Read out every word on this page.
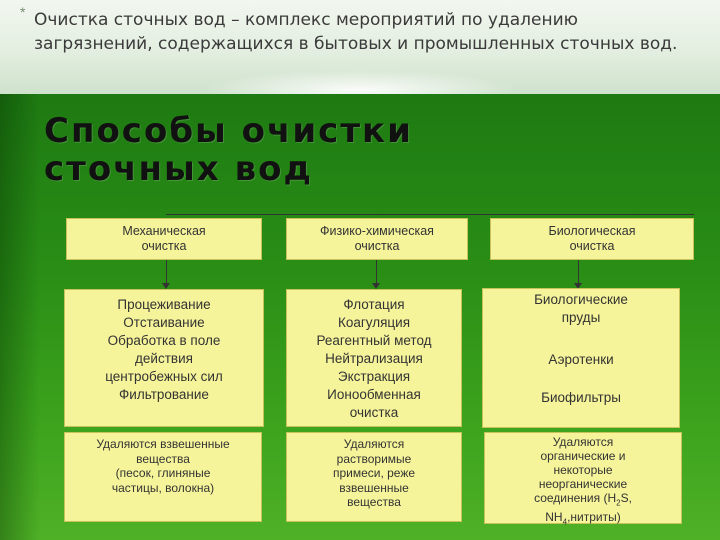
* Очистка сточных вод – комплекс мероприятий по удалению загрязнений, содержащихся в бытовых и промышленных сточных вод.

Способы очистки
сточных вод
Механическая
очистка
Процеживание
Отстаивание
Обработка в поле
действия
центробежных сил
Фильтрование
Удаляются взвешенные
вещества
(песок, глиняные
частицы, волокна)
Физико-химическая
очистка
Флотация
Коагуляция
Реагентный метод
Нейтрализация
Экстракция
Ионообменная
очистка
Удаляются
растворимые
примеси, реже
взвешенные
вещества
Биологическая
очистка
Биологические
пруды
Аэротенки
Биофильтры
Удаляются
органические и
некоторые
неорганические
соединения ($H_2S$,
$NH_4,нитриты$)
